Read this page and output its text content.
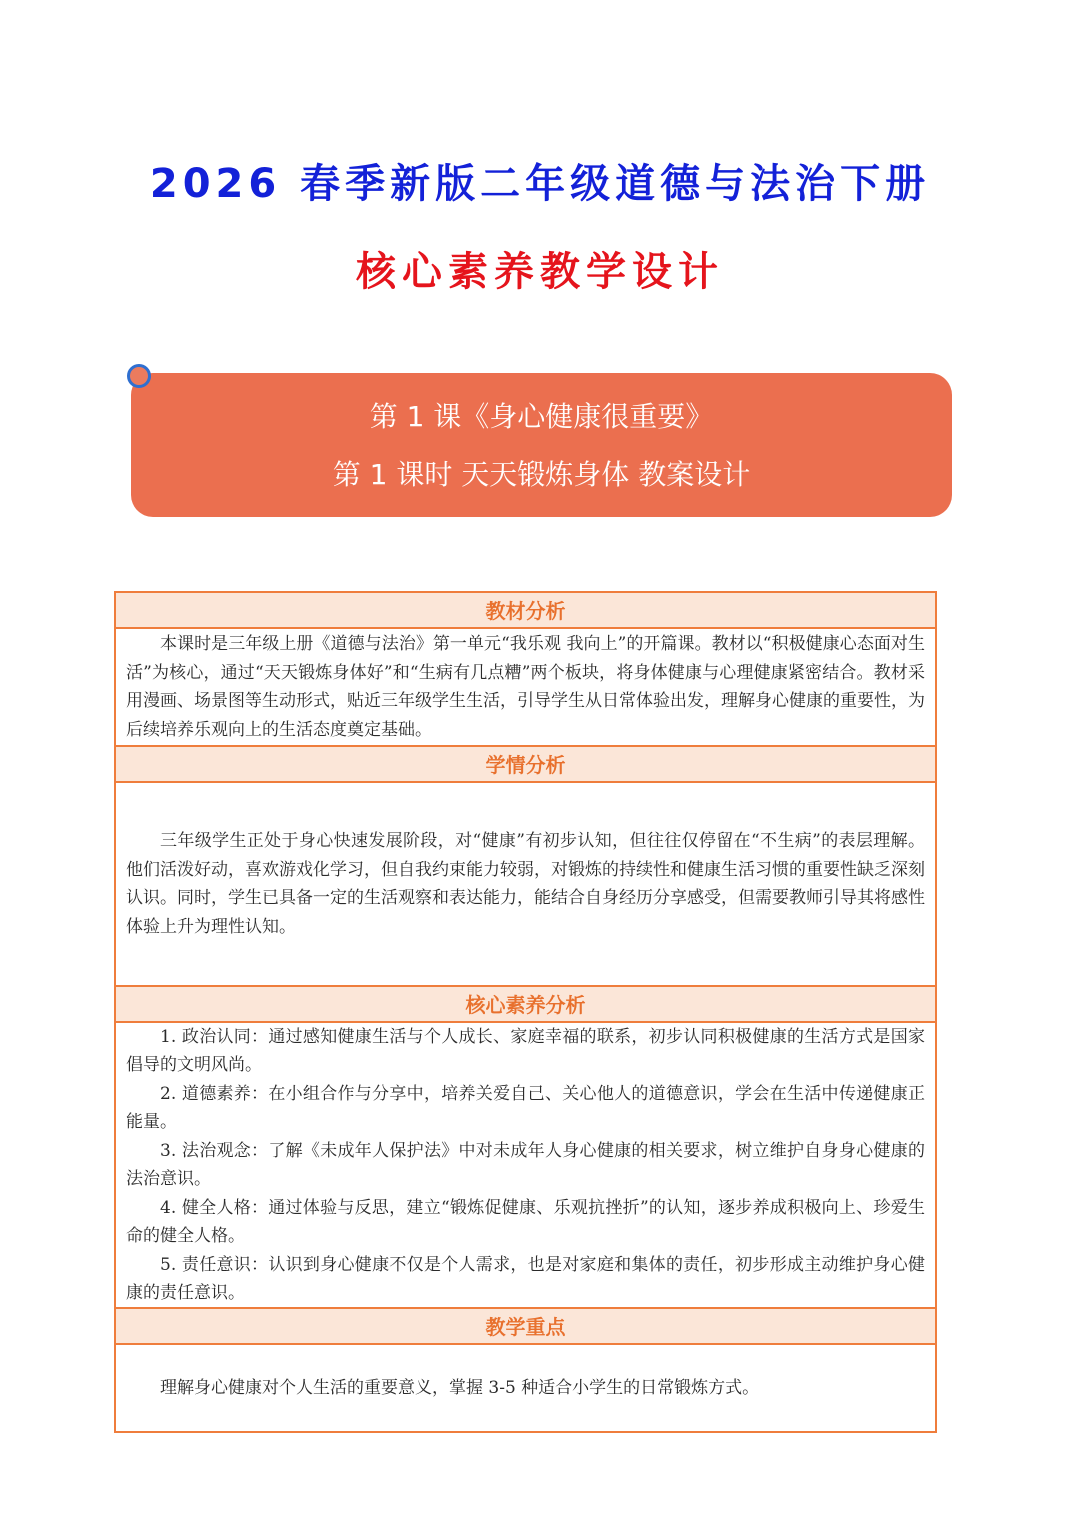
2026 春季新版二年级道德与法治下册
核心素养教学设计
第 1 课《身心健康很重要》
第 1 课时 天天锻炼身体 教案设计
教材分析

本课时是三年级上册《道德与法治》第一单元“我乐观 我向上”的开篇课。教材以“积极健康心态面对生活”为核心，通过“天天锻炼身体好”和“生病有几点糟”两个板块，将身体健康与心理健康紧密结合。教材采用漫画、场景图等生动形式，贴近三年级学生生活，引导学生从日常体验出发，理解身心健康的重要性，为后续培养乐观向上的生活态度奠定基础。

学情分析

三年级学生正处于身心快速发展阶段，对“健康”有初步认知，但往往仅停留在“不生病”的表层理解。他们活泼好动，喜欢游戏化学习，但自我约束能力较弱，对锻炼的持续性和健康生活习惯的重要性缺乏深刻认识。同时，学生已具备一定的生活观察和表达能力，能结合自身经历分享感受，但需要教师引导其将感性体验上升为理性认知。

核心素养分析

1. 政治认同：通过感知健康生活与个人成长、家庭幸福的联系，初步认同积极健康的生活方式是国家倡导的文明风尚。

2. 道德素养：在小组合作与分享中，培养关爱自己、关心他人的道德意识，学会在生活中传递健康正能量。

3. 法治观念：了解《未成年人保护法》中对未成年人身心健康的相关要求，树立维护自身身心健康的法治意识。

4. 健全人格：通过体验与反思，建立“锻炼促健康、乐观抗挫折”的认知，逐步养成积极向上、珍爱生命的健全人格。

5. 责任意识：认识到身心健康不仅是个人需求，也是对家庭和集体的责任，初步形成主动维护身心健康的责任意识。

教学重点

理解身心健康对个人生活的重要意义，掌握 3-5 种适合小学生的日常锻炼方式。
